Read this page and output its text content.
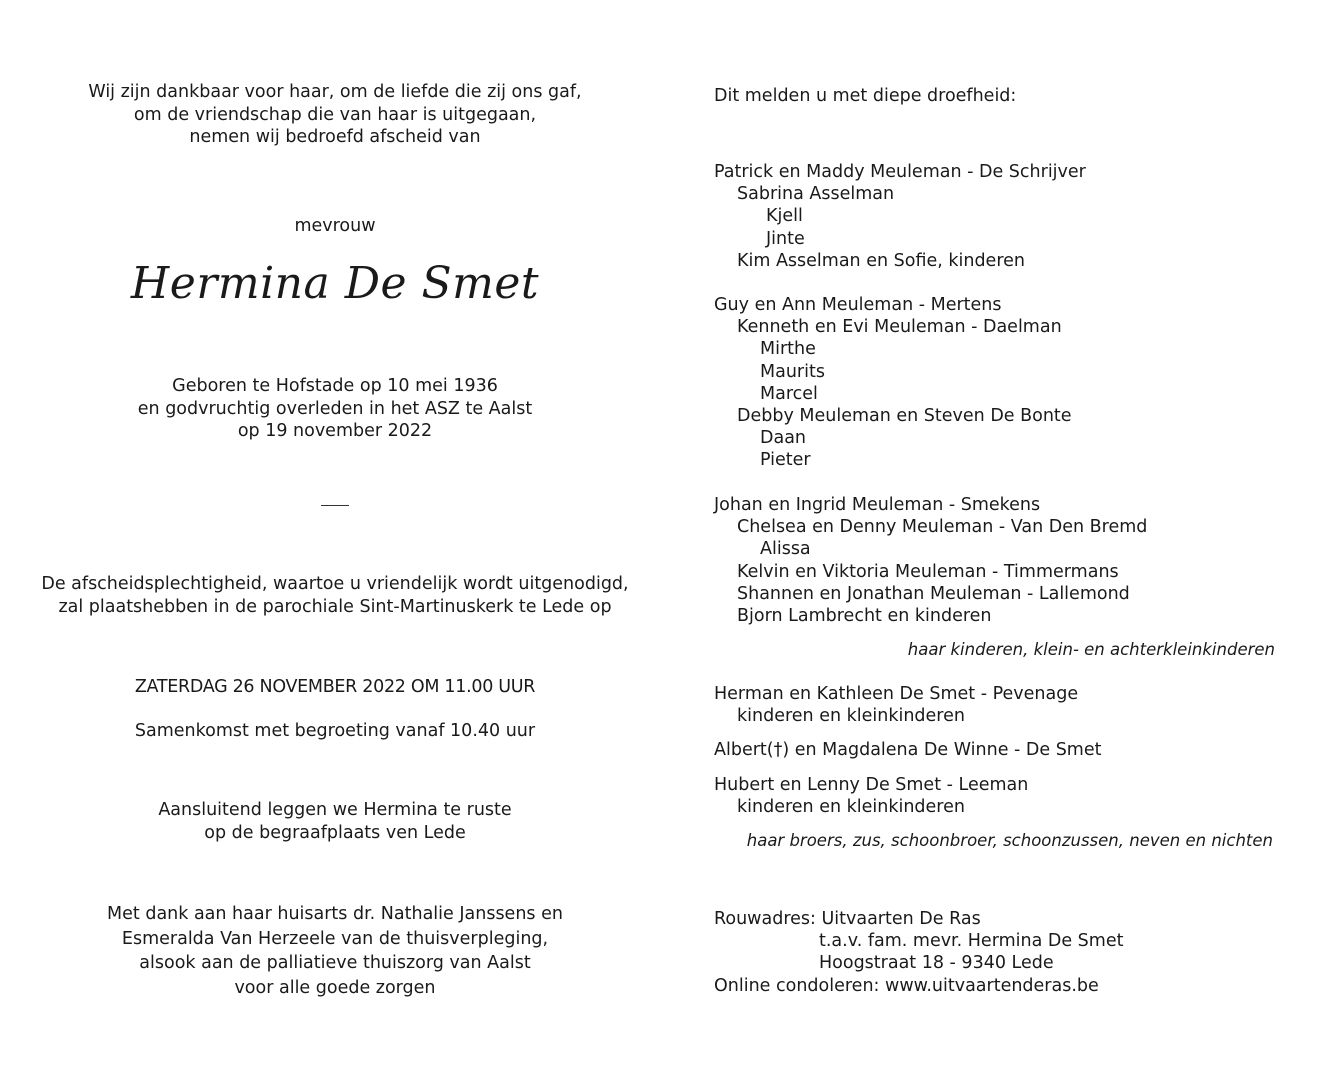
Wij zijn dankbaar voor haar, om de liefde die zij ons gaf,
om de vriendschap die van haar is uitgegaan,
nemen wij bedroefd afscheid van
mevrouw
Hermina De Smet
Geboren te Hofstade op 10 mei 1936
en godvruchtig overleden in het ASZ te Aalst
op 19 november 2022
De afscheidsplechtigheid, waartoe u vriendelijk wordt uitgenodigd,
zal plaatshebben in de parochiale Sint-Martinuskerk te Lede op
ZATERDAG 26 NOVEMBER 2022 OM 11.00 UUR
Samenkomst met begroeting vanaf 10.40 uur
Aansluitend leggen we Hermina te ruste
op de begraafplaats ven Lede
Met dank aan haar huisarts dr. Nathalie Janssens en
Esmeralda Van Herzeele van de thuisverpleging,
alsook aan de palliatieve thuiszorg van Aalst
voor alle goede zorgen
Dit melden u met diepe droefheid:
Patrick en Maddy Meuleman - De Schrijver
Sabrina Asselman
Kjell
Jinte
Kim Asselman en Sofie, kinderen
Guy en Ann Meuleman - Mertens
Kenneth en Evi Meuleman - Daelman
Mirthe
Maurits
Marcel
Debby Meuleman en Steven De Bonte
Daan
Pieter
Johan en Ingrid Meuleman - Smekens
Chelsea en Denny Meuleman - Van Den Bremd
Alissa
Kelvin en Viktoria Meuleman - Timmermans
Shannen en Jonathan Meuleman - Lallemond
Bjorn Lambrecht en kinderen
haar kinderen, klein- en achterkleinkinderen
Herman en Kathleen De Smet - Pevenage
kinderen en kleinkinderen
Albert(†) en Magdalena De Winne - De Smet
Hubert en Lenny De Smet - Leeman
kinderen en kleinkinderen
haar broers, zus, schoonbroer, schoonzussen, neven en nichten
Rouwadres: Uitvaarten De Ras
t.a.v. fam. mevr. Hermina De Smet
Hoogstraat 18 - 9340 Lede
Online condoleren: www.uitvaartenderas.be
